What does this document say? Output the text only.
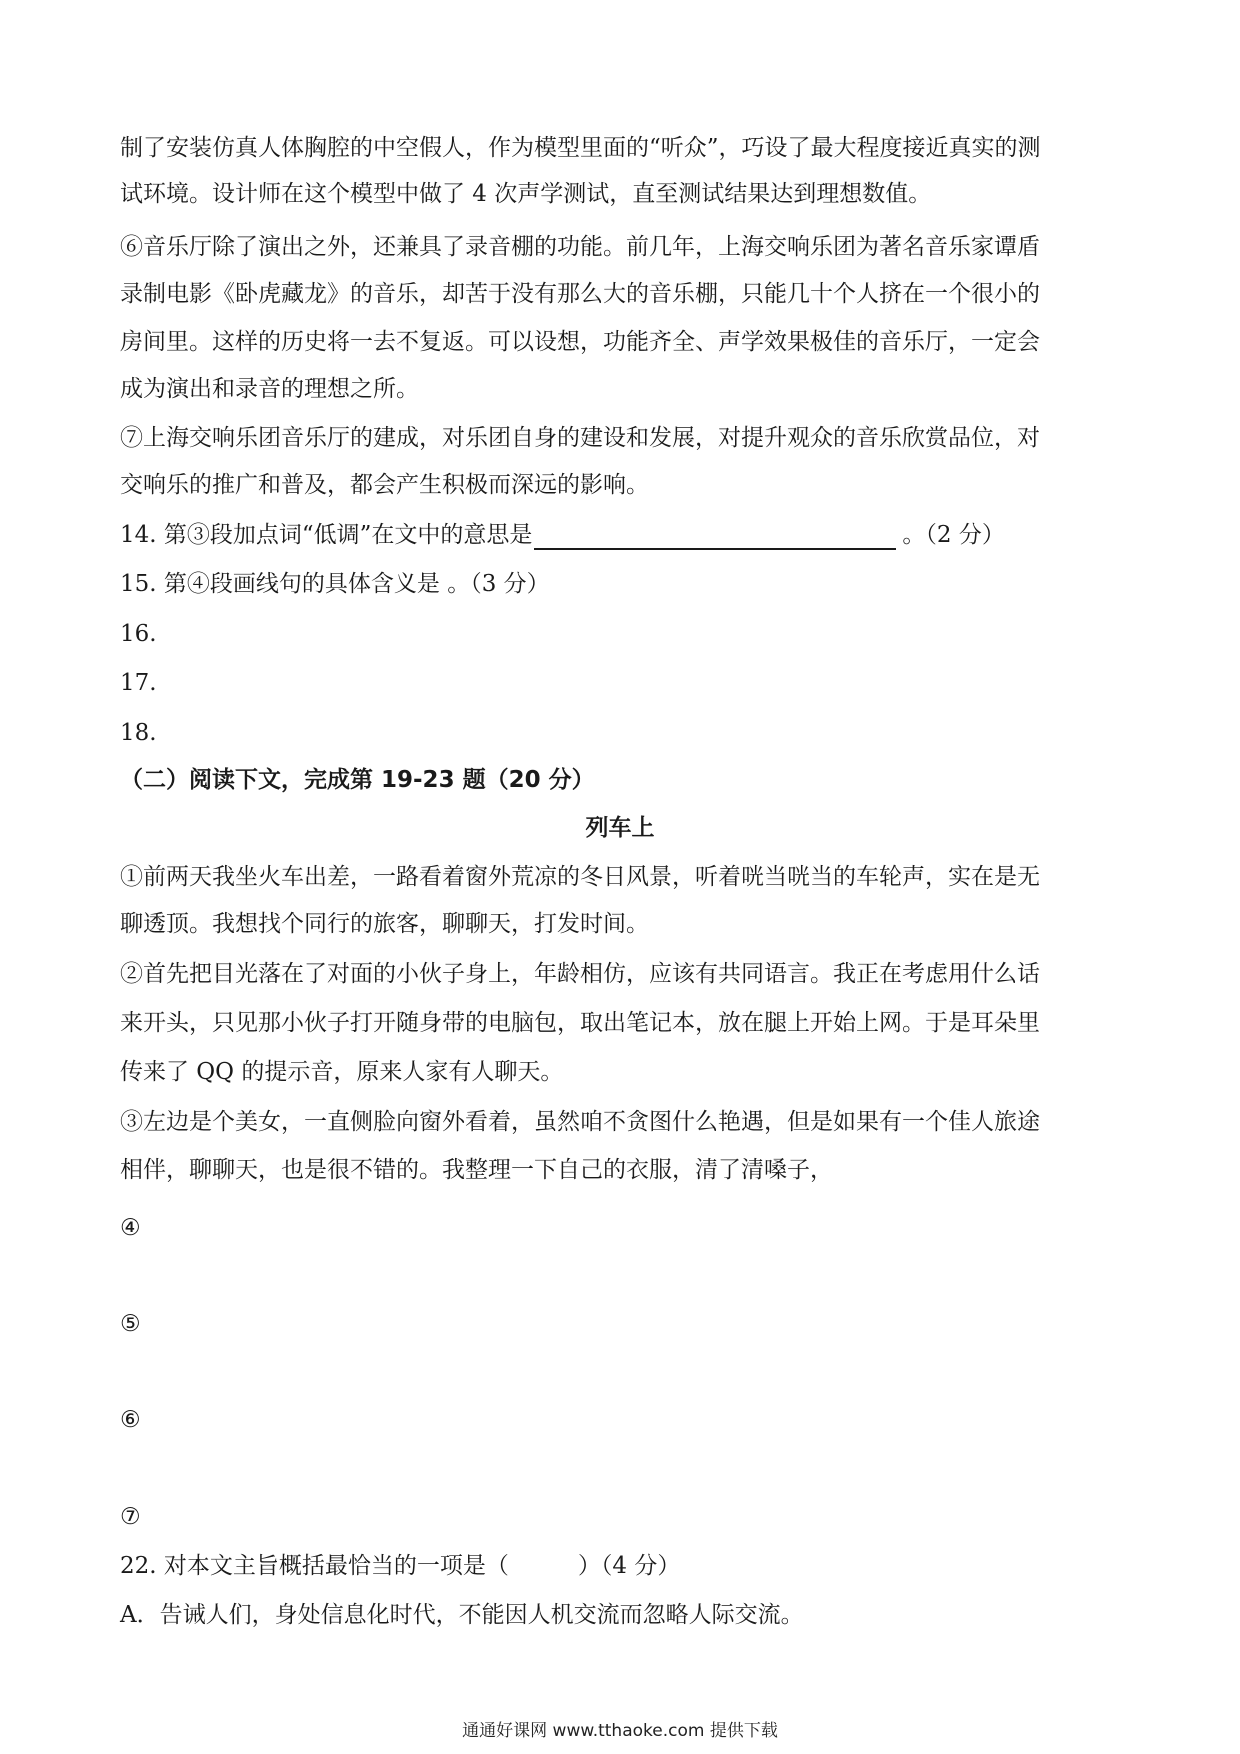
制了安装仿真人体胸腔的中空假人，作为模型里面的“听众”，巧设了最大程度接近真实的测
试环境。设计师在这个模型中做了 4 次声学测试，直至测试结果达到理想数值。
⑥音乐厅除了演出之外，还兼具了录音棚的功能。前几年，上海交响乐团为著名音乐家谭盾
录制电影《卧虎藏龙》的音乐，却苦于没有那么大的音乐棚，只能几十个人挤在一个很小的
房间里。这样的历史将一去不复返。可以设想，功能齐全、声学效果极佳的音乐厅，一定会
成为演出和录音的理想之所。
⑦上海交响乐团音乐厅的建成，对乐团自身的建设和发展，对提升观众的音乐欣赏品位，对
交响乐的推广和普及，都会产生积极而深远的影响。
14. 第③段加点词“低调”在文中的意思是	。（2 分）
15. 第④段画线句的具体含义是 。（3 分）
16.
17.
18.
（二）阅读下文，完成第 19-23 题（20 分）
列车上
①前两天我坐火车出差，一路看着窗外荒凉的冬日风景，听着咣当咣当的车轮声，实在是无
聊透顶。我想找个同行的旅客，聊聊天，打发时间。
②首先把目光落在了对面的小伙子身上，年龄相仿，应该有共同语言。我正在考虑用什么话
来开头，只见那小伙子打开随身带的电脑包，取出笔记本，放在腿上开始上网。于是耳朵里
传来了 QQ 的提示音，原来人家有人聊天。
③左边是个美女，一直侧脸向窗外看着，虽然咱不贪图什么艳遇，但是如果有一个佳人旅途
相伴，聊聊天，也是很不错的。我整理一下自己的衣服，清了清嗓子，
④
⑤
⑥
⑦
22. 对本文主旨概括最恰当的一项是（　　　）（4 分）
A．告诫人们，身处信息化时代，不能因人机交流而忽略人际交流。
通通好课网 www.tthaoke.com 提供下载
